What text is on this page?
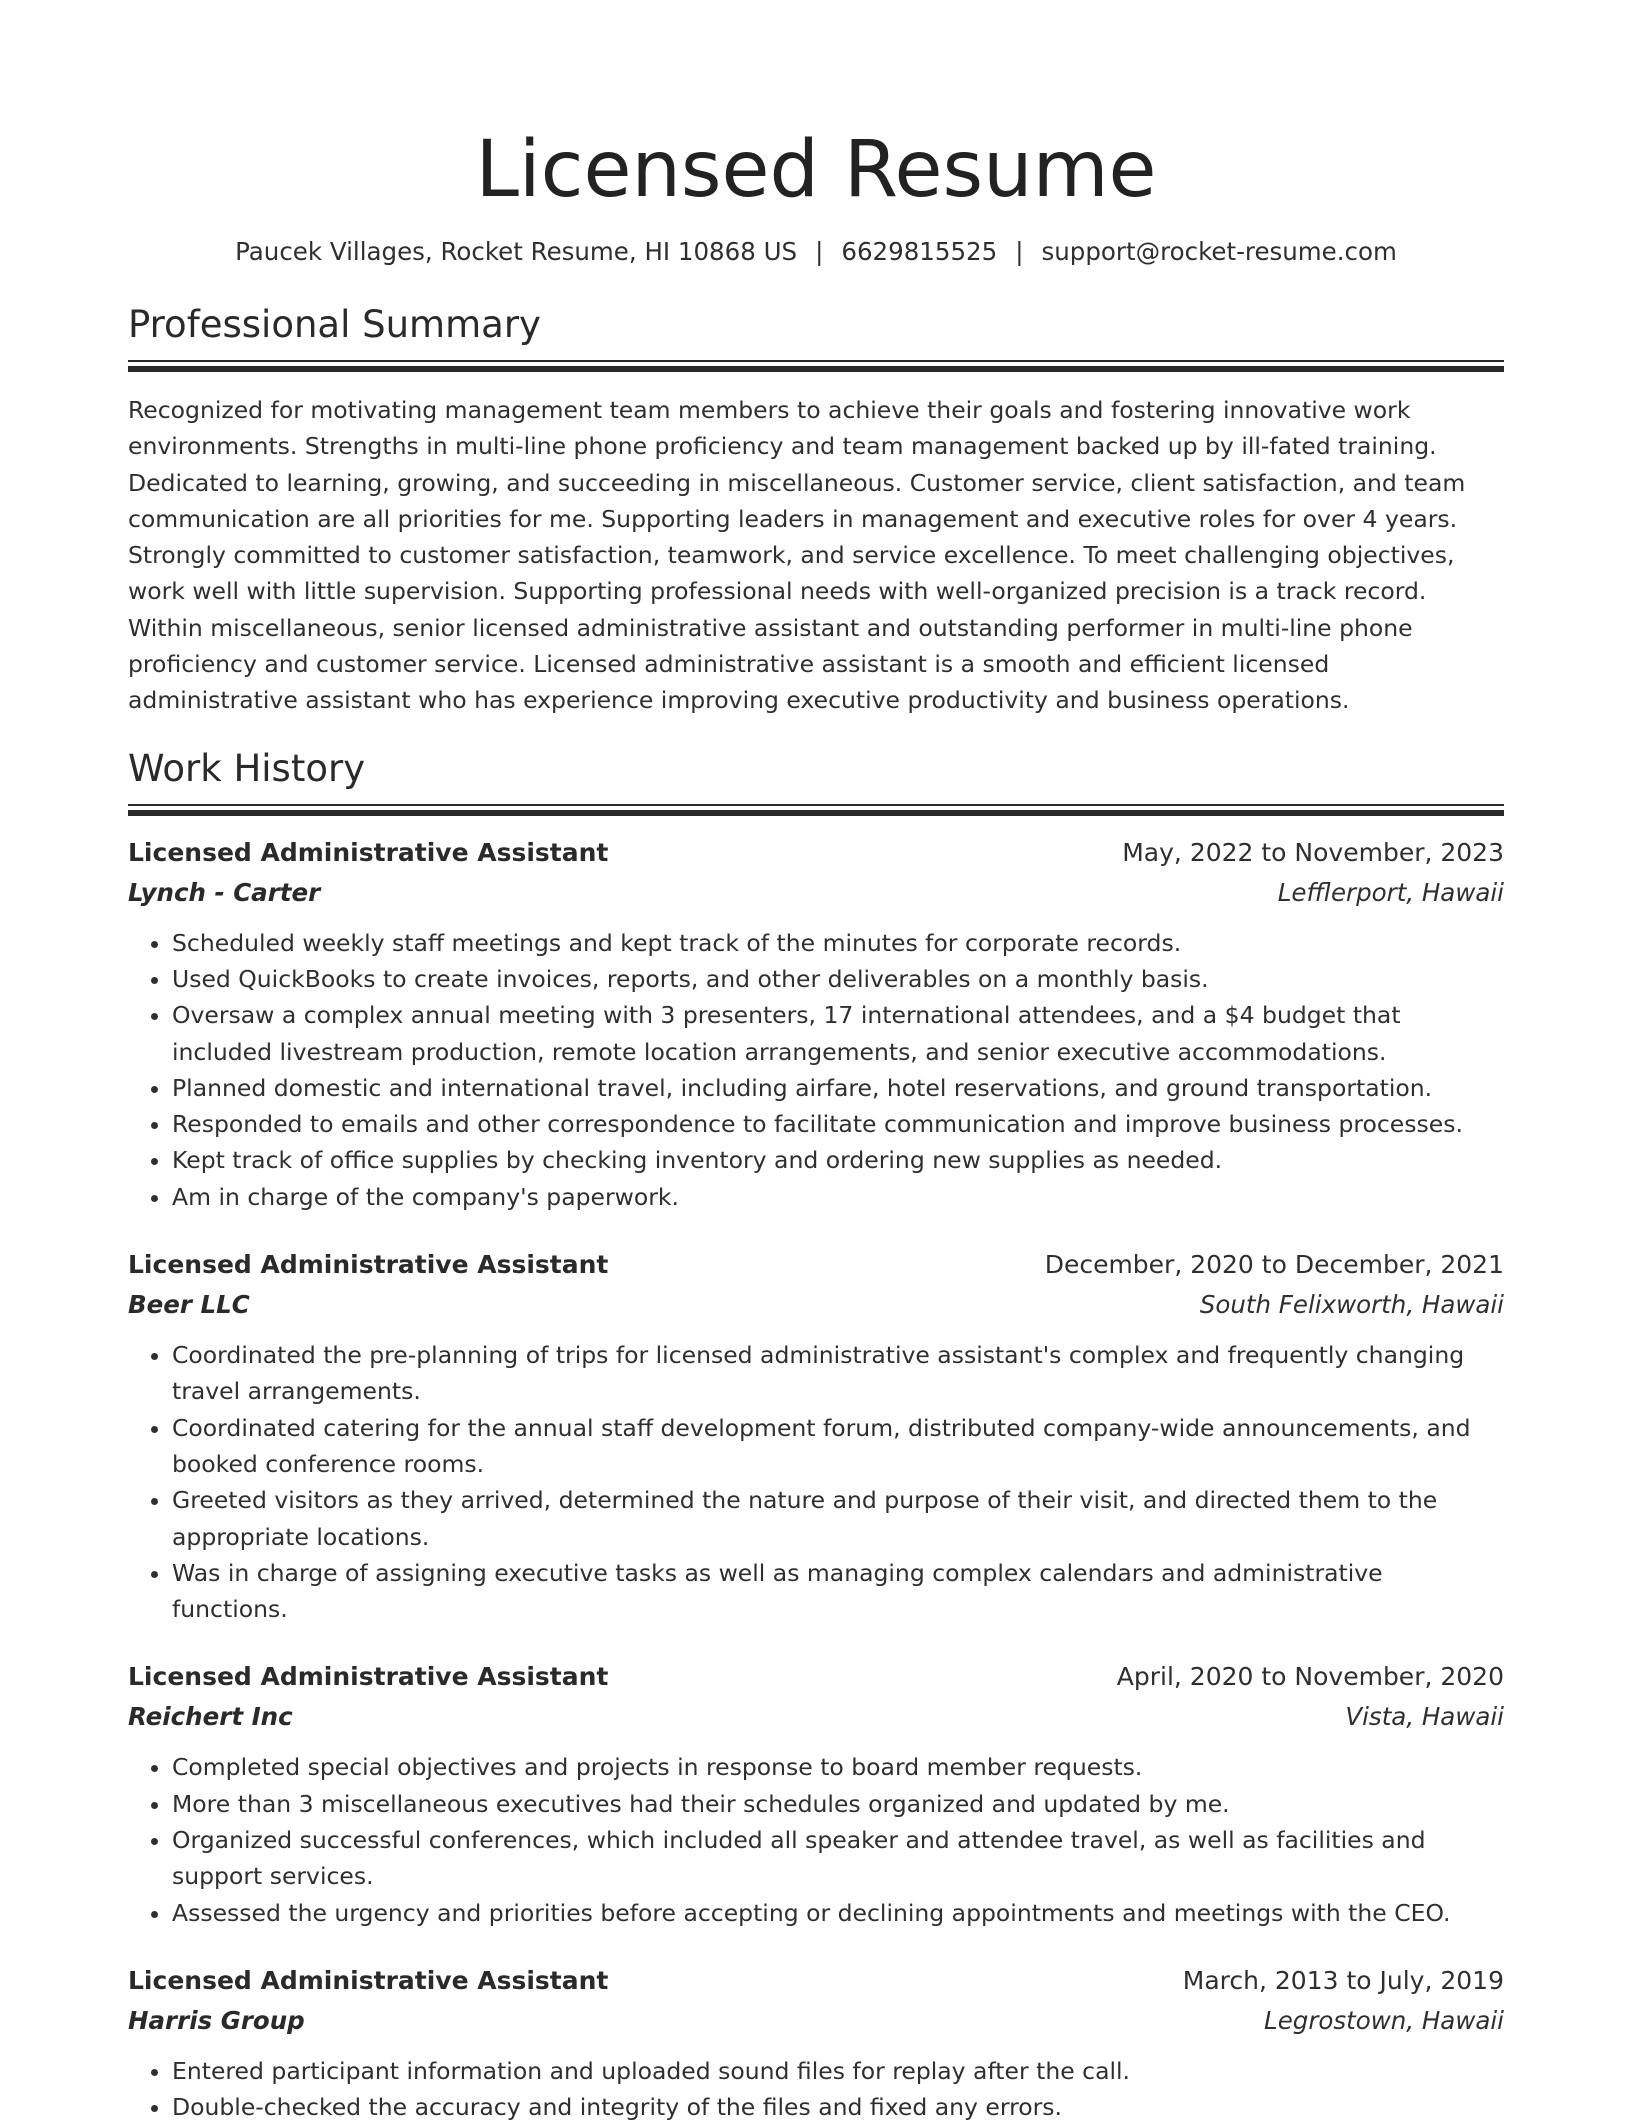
Licensed Resume
Paucek Villages, Rocket Resume, HI 10868 US | 6629815525 | support@rocket-resume.com
Professional Summary
Recognized for motivating management team members to achieve their goals and fostering innovative work environments. Strengths in multi-line phone proficiency and team management backed up by ill-fated training. Dedicated to learning, growing, and succeeding in miscellaneous. Customer service, client satisfaction, and team communication are all priorities for me. Supporting leaders in management and executive roles for over 4 years. Strongly committed to customer satisfaction, teamwork, and service excellence. To meet challenging objectives, work well with little supervision. Supporting professional needs with well-organized precision is a track record. Within miscellaneous, senior licensed administrative assistant and outstanding performer in multi-line phone proficiency and customer service. Licensed administrative assistant is a smooth and efficient licensed administrative assistant who has experience improving executive productivity and business operations.
Work History
Licensed Administrative Assistant	May, 2022 to November, 2023
Lynch - Carter	Lefflerport, Hawaii
• Scheduled weekly staff meetings and kept track of the minutes for corporate records.
• Used QuickBooks to create invoices, reports, and other deliverables on a monthly basis.
• Oversaw a complex annual meeting with 3 presenters, 17 international attendees, and a $4 budget that included livestream production, remote location arrangements, and senior executive accommodations.
• Planned domestic and international travel, including airfare, hotel reservations, and ground transportation.
• Responded to emails and other correspondence to facilitate communication and improve business processes.
• Kept track of office supplies by checking inventory and ordering new supplies as needed.
• Am in charge of the company's paperwork.
Licensed Administrative Assistant	December, 2020 to December, 2021
Beer LLC	South Felixworth, Hawaii
• Coordinated the pre-planning of trips for licensed administrative assistant's complex and frequently changing travel arrangements.
• Coordinated catering for the annual staff development forum, distributed company-wide announcements, and booked conference rooms.
• Greeted visitors as they arrived, determined the nature and purpose of their visit, and directed them to the appropriate locations.
• Was in charge of assigning executive tasks as well as managing complex calendars and administrative functions.
Licensed Administrative Assistant	April, 2020 to November, 2020
Reichert Inc	Vista, Hawaii
• Completed special objectives and projects in response to board member requests.
• More than 3 miscellaneous executives had their schedules organized and updated by me.
• Organized successful conferences, which included all speaker and attendee travel, as well as facilities and support services.
• Assessed the urgency and priorities before accepting or declining appointments and meetings with the CEO.
Licensed Administrative Assistant	March, 2013 to July, 2019
Harris Group	Legrostown, Hawaii
• Entered participant information and uploaded sound files for replay after the call.
• Double-checked the accuracy and integrity of the files and fixed any errors.
